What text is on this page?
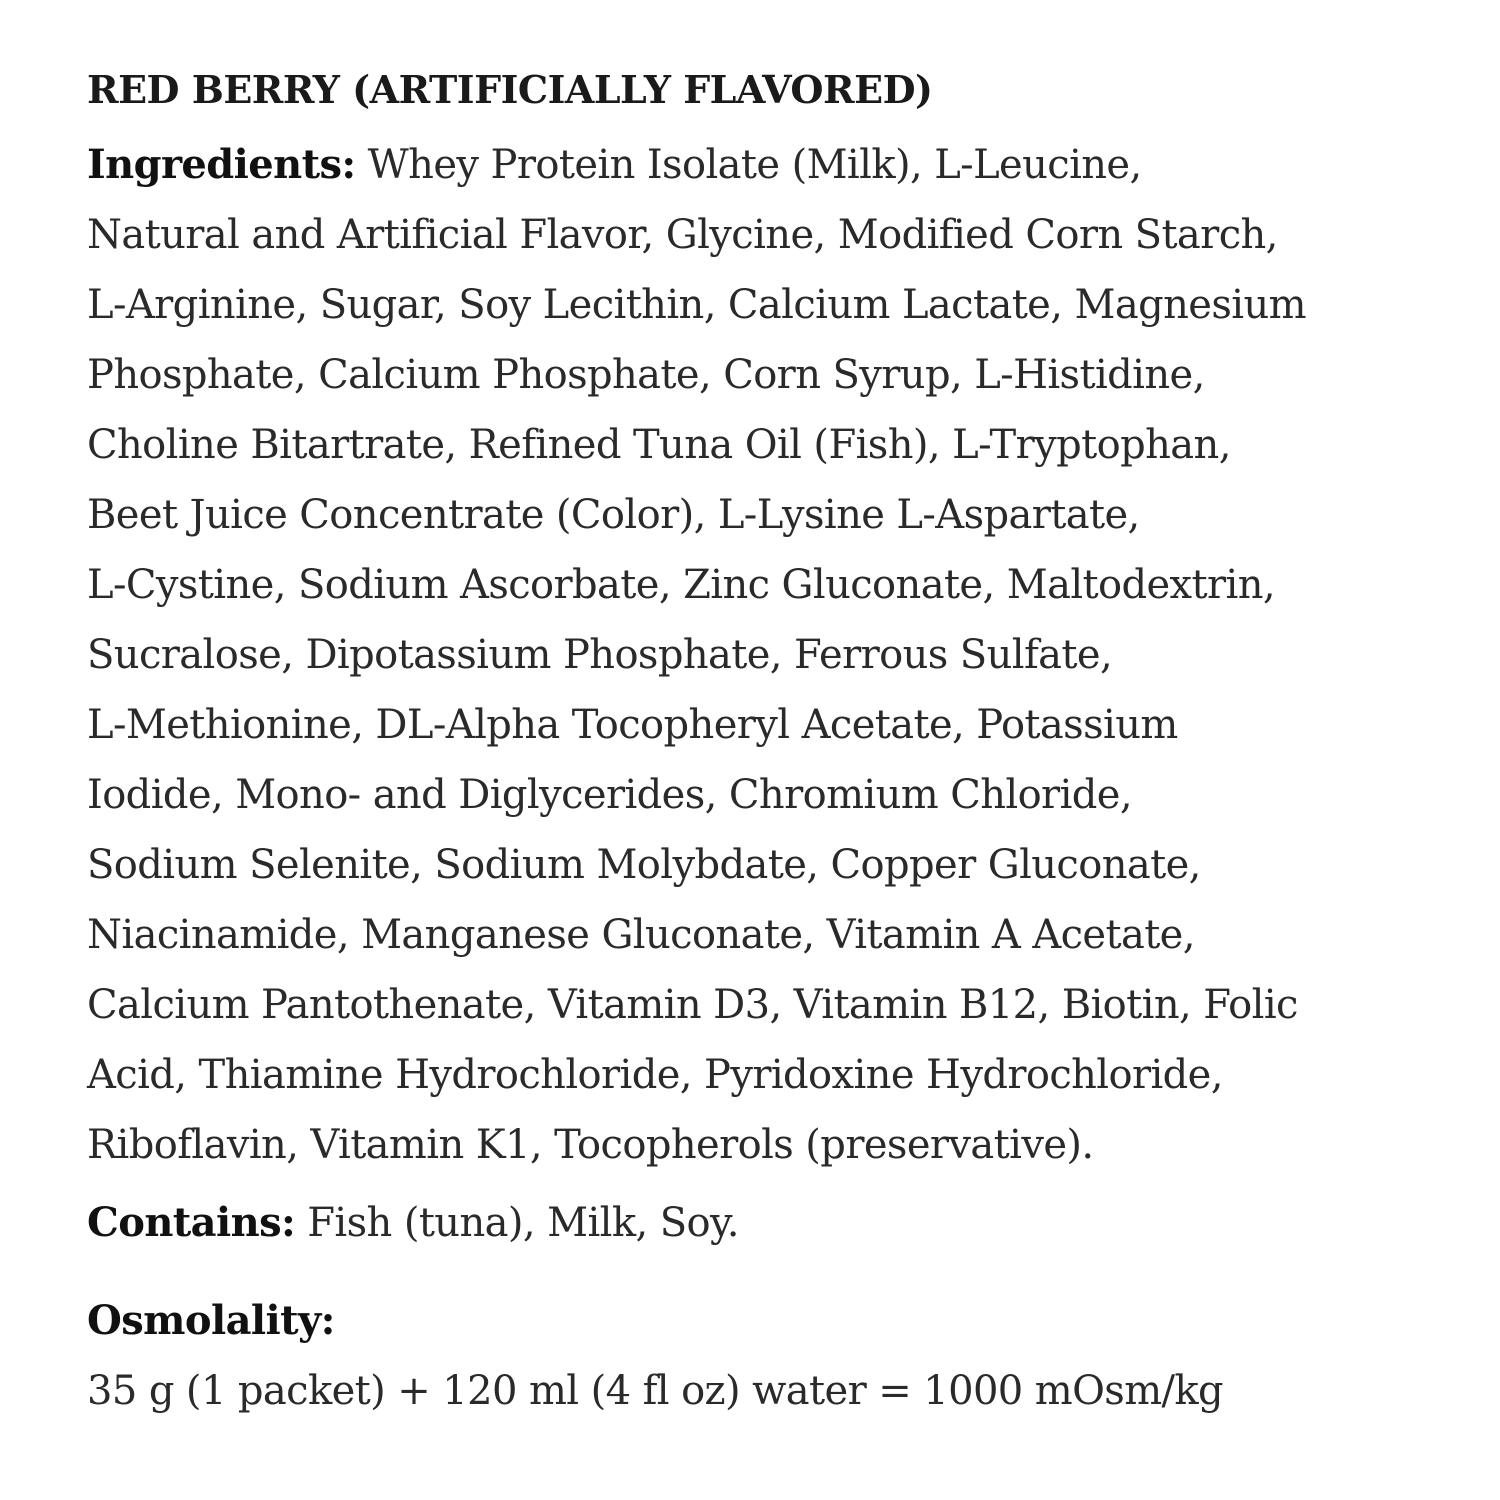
RED BERRY (ARTIFICIALLY FLAVORED)
Ingredients: Whey Protein Isolate (Milk), L-Leucine,
Natural and Artificial Flavor, Glycine, Modified Corn Starch,
L-Arginine, Sugar, Soy Lecithin, Calcium Lactate, Magnesium
Phosphate, Calcium Phosphate, Corn Syrup, L-Histidine,
Choline Bitartrate, Refined Tuna Oil (Fish), L-Tryptophan,
Beet Juice Concentrate (Color), L-Lysine L-Aspartate,
L-Cystine, Sodium Ascorbate, Zinc Gluconate, Maltodextrin,
Sucralose, Dipotassium Phosphate, Ferrous Sulfate,
L-Methionine, DL-Alpha Tocopheryl Acetate, Potassium
Iodide, Mono- and Diglycerides, Chromium Chloride,
Sodium Selenite, Sodium Molybdate, Copper Gluconate,
Niacinamide, Manganese Gluconate, Vitamin A Acetate,
Calcium Pantothenate, Vitamin D3, Vitamin B12, Biotin, Folic
Acid, Thiamine Hydrochloride, Pyridoxine Hydrochloride,
Riboflavin, Vitamin K1, Tocopherols (preservative).
Contains: Fish (tuna), Milk, Soy.
Osmolality:
35 g (1 packet) + 120 ml (4 fl oz) water = 1000 mOsm/kg
